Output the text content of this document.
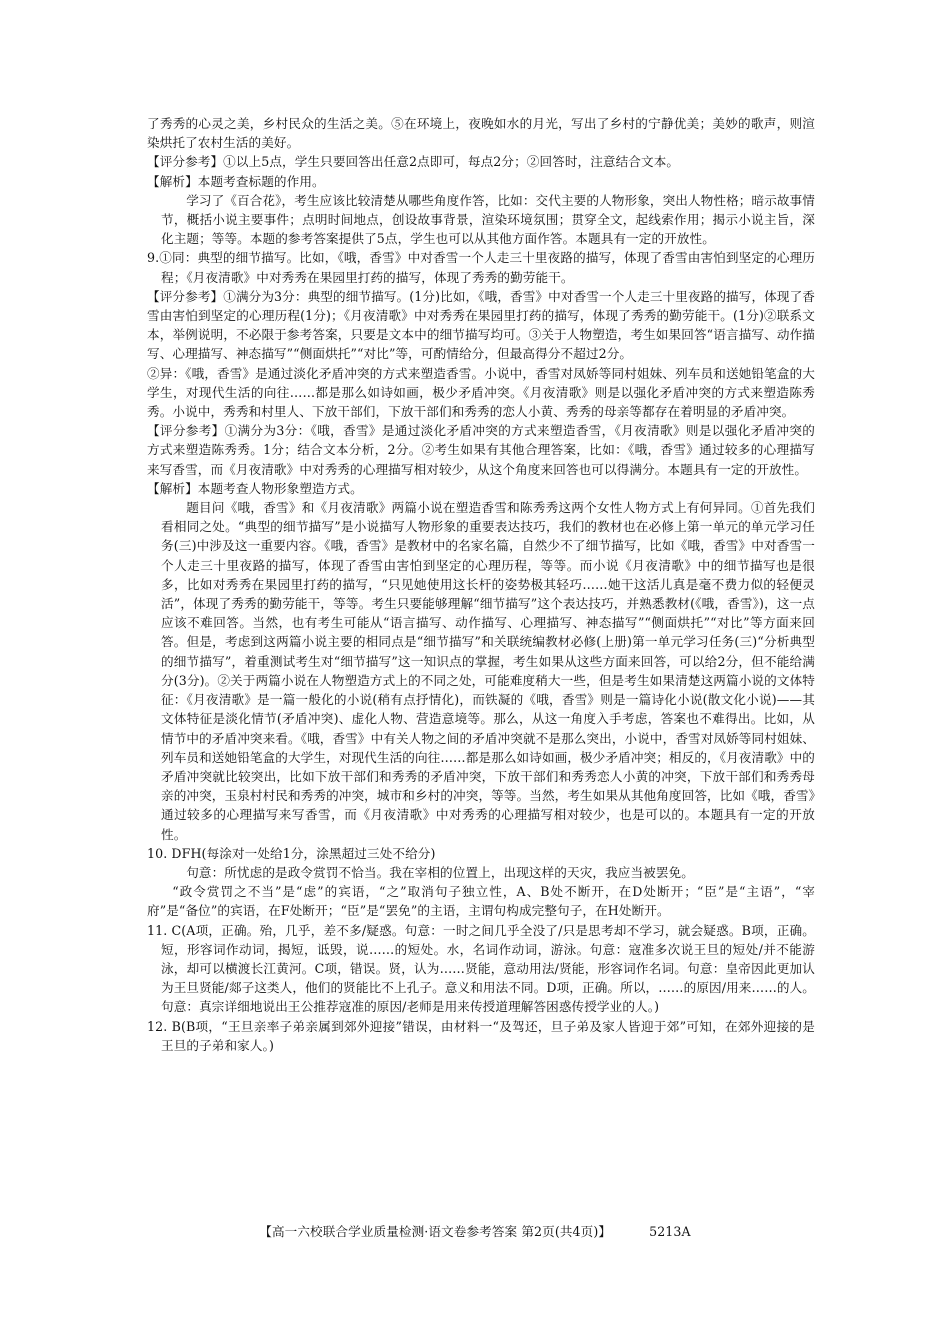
了秀秀的心灵之美，乡村民众的生活之美。⑤在环境上，夜晚如水的月光，写出了乡村的宁静优美；美妙的歌声，则渲染烘托了农村生活的美好。

【评分参考】①以上5点，学生只要回答出任意2点即可，每点2分；②回答时，注意结合文本。

【解析】本题考查标题的作用。

学习了《百合花》，考生应该比较清楚从哪些角度作答，比如：交代主要的人物形象，突出人物性格；暗示故事情节，概括小说主要事件；点明时间地点，创设故事背景，渲染环境氛围；贯穿全文，起线索作用；揭示小说主旨，深化主题；等等。本题的参考答案提供了5点，学生也可以从其他方面作答。本题具有一定的开放性。

9.①同：典型的细节描写。比如，《哦，香雪》中对香雪一个人走三十里夜路的描写，体现了香雪由害怕到坚定的心理历程；《月夜清歌》中对秀秀在果园里打药的描写，体现了秀秀的勤劳能干。

【评分参考】①满分为3分：典型的细节描写。(1分)比如，《哦，香雪》中对香雪一个人走三十里夜路的描写，体现了香雪由害怕到坚定的心理历程(1分)；《月夜清歌》中对秀秀在果园里打药的描写，体现了秀秀的勤劳能干。(1分)②联系文本，举例说明，不必限于参考答案，只要是文本中的细节描写均可。③关于人物塑造，考生如果回答“语言描写、动作描写、心理描写、神态描写”“侧面烘托”“对比”等，可酌情给分，但最高得分不超过2分。

②异：《哦，香雪》是通过淡化矛盾冲突的方式来塑造香雪。小说中，香雪对凤娇等同村姐妹、列车员和送她铅笔盒的大学生，对现代生活的向往……都是那么如诗如画，极少矛盾冲突。《月夜清歌》则是以强化矛盾冲突的方式来塑造陈秀秀。小说中，秀秀和村里人、下放干部们，下放干部们和秀秀的恋人小黄、秀秀的母亲等都存在着明显的矛盾冲突。

【评分参考】①满分为3分：《哦，香雪》是通过淡化矛盾冲突的方式来塑造香雪，《月夜清歌》则是以强化矛盾冲突的方式来塑造陈秀秀。1分；结合文本分析，2分。②考生如果有其他合理答案，比如：《哦，香雪》通过较多的心理描写来写香雪，而《月夜清歌》中对秀秀的心理描写相对较少，从这个角度来回答也可以得满分。本题具有一定的开放性。

【解析】本题考查人物形象塑造方式。

题目问《哦，香雪》和《月夜清歌》两篇小说在塑造香雪和陈秀秀这两个女性人物方式上有何异同。①首先我们看相同之处。“典型的细节描写”是小说描写人物形象的重要表达技巧，我们的教材也在必修上第一单元的单元学习任务(三)中涉及这一重要内容。《哦，香雪》是教材中的名家名篇，自然少不了细节描写，比如《哦，香雪》中对香雪一个人走三十里夜路的描写，体现了香雪由害怕到坚定的心理历程，等等。而小说《月夜清歌》中的细节描写也是很多，比如对秀秀在果园里打药的描写，“只见她使用这长杆的姿势极其轻巧……她干这活儿真是毫不费力似的轻便灵活”，体现了秀秀的勤劳能干，等等。考生只要能够理解“细节描写”这个表达技巧，并熟悉教材(《哦，香雪》)，这一点应该不难回答。当然，也有考生可能从“语言描写、动作描写、心理描写、神态描写”“侧面烘托”“对比”等方面来回答。但是，考虑到这两篇小说主要的相同点是“细节描写”和关联统编教材必修(上册)第一单元学习任务(三)“分析典型的细节描写”，着重测试考生对“细节描写”这一知识点的掌握，考生如果从这些方面来回答，可以给2分，但不能给满分(3分)。②关于两篇小说在人物塑造方式上的不同之处，可能难度稍大一些，但是考生如果清楚这两篇小说的文体特征：《月夜清歌》是一篇一般化的小说(稍有点抒情化)，而铁凝的《哦，香雪》则是一篇诗化小说(散文化小说)——其文体特征是淡化情节(矛盾冲突)、虚化人物、营造意境等。那么，从这一角度入手考虑，答案也不难得出。比如，从情节中的矛盾冲突来看。《哦，香雪》中有关人物之间的矛盾冲突就不是那么突出，小说中，香雪对凤娇等同村姐妹、列车员和送她铅笔盒的大学生，对现代生活的向往……都是那么如诗如画，极少矛盾冲突；相反的，《月夜清歌》中的矛盾冲突就比较突出，比如下放干部们和秀秀的矛盾冲突，下放干部们和秀秀恋人小黄的冲突，下放干部们和秀秀母亲的冲突，玉泉村村民和秀秀的冲突，城市和乡村的冲突，等等。当然，考生如果从其他角度回答，比如《哦，香雪》通过较多的心理描写来写香雪，而《月夜清歌》中对秀秀的心理描写相对较少，也是可以的。本题具有一定的开放性。

10. DFH(每涂对一处给1分，涂黑超过三处不给分)

句意：所忧虑的是政令赏罚不恰当。我在宰相的位置上，出现这样的天灾，我应当被罢免。

“政令赏罚之不当”是“虑”的宾语，“之”取消句子独立性，A、B处不断开，在D处断开；“臣”是“主语”，“宰府”是“备位”的宾语，在F处断开；“臣”是“罢免”的主语，主谓句构成完整句子，在H处断开。

11. C(A项，正确。殆，几乎，差不多/疑惑。句意：一时之间几乎全没了/只是思考却不学习，就会疑惑。B项，正确。短，形容词作动词，揭短，诋毁，说……的短处。水，名词作动词，游泳。句意：寇准多次说王旦的短处/并不能游泳，却可以横渡长江黄河。C项，错误。贤，认为……贤能，意动用法/贤能，形容词作名词。句意：皇帝因此更加认为王旦贤能/郯子这类人，他们的贤能比不上孔子。意义和用法不同。D项，正确。所以，……的原因/用来……的人。句意：真宗详细地说出王公推荐寇准的原因/老师是用来传授道理解答困惑传授学业的人。)

12. B(B项，“王旦亲率子弟亲属到郊外迎接”错误，由材料一“及驾还，旦子弟及家人皆迎于郊”可知，在郊外迎接的是王旦的子弟和家人。)

【高一六校联合学业质量检测·语文卷参考答案 第2页(共4页)】	5213A
